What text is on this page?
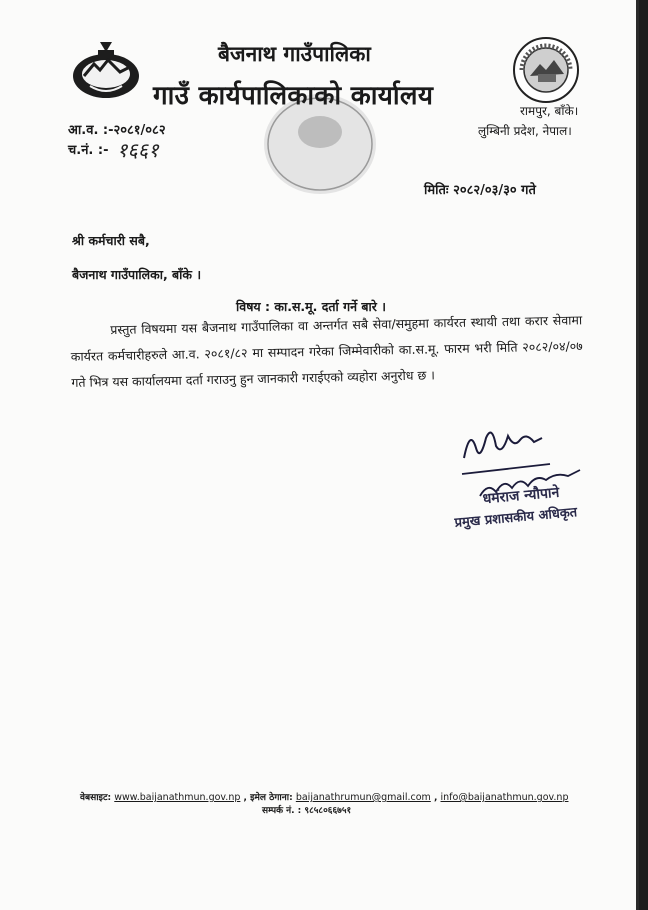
बैजनाथ गाउँपालिका
गाउँ कार्यपालिकाको कार्यालय	रामपुर, बाँके।
लुम्बिनी प्रदेश, नेपाल।
आ.व. :-२०८१/०८२
च.नं. :- १६६१
मितिः २०८२/०३/३० गते
श्री कर्मचारी सबै,
बैजनाथ गाउँपालिका, बाँके ।
विषय : का.स.मू. दर्ता गर्ने बारे ।
प्रस्तुत विषयमा यस बैजनाथ गाउँपालिका वा अन्तर्गत सबै सेवा/समुहमा कार्यरत स्थायी तथा करार सेवामा कार्यरत कर्मचारीहरुले आ.व. २०८१/८२ मा सम्पादन गरेका जिम्मेवारीको का.स.मू. फारम भरी मिति २०८२/०४/०७ गते भित्र यस कार्यालयमा दर्ता गराउनु हुन जानकारी गराईएको व्यहोरा अनुरोध छ ।
धर्मराज न्यौपाने
प्रमुख प्रशासकीय अधिकृत
वेबसाइट: www.baijanathmun.gov.np , इमेल ठेगाना: baijanathrumun@gmail.com , info@baijanathmun.gov.np
सम्पर्क नं. : ९८५८०६६७५१
